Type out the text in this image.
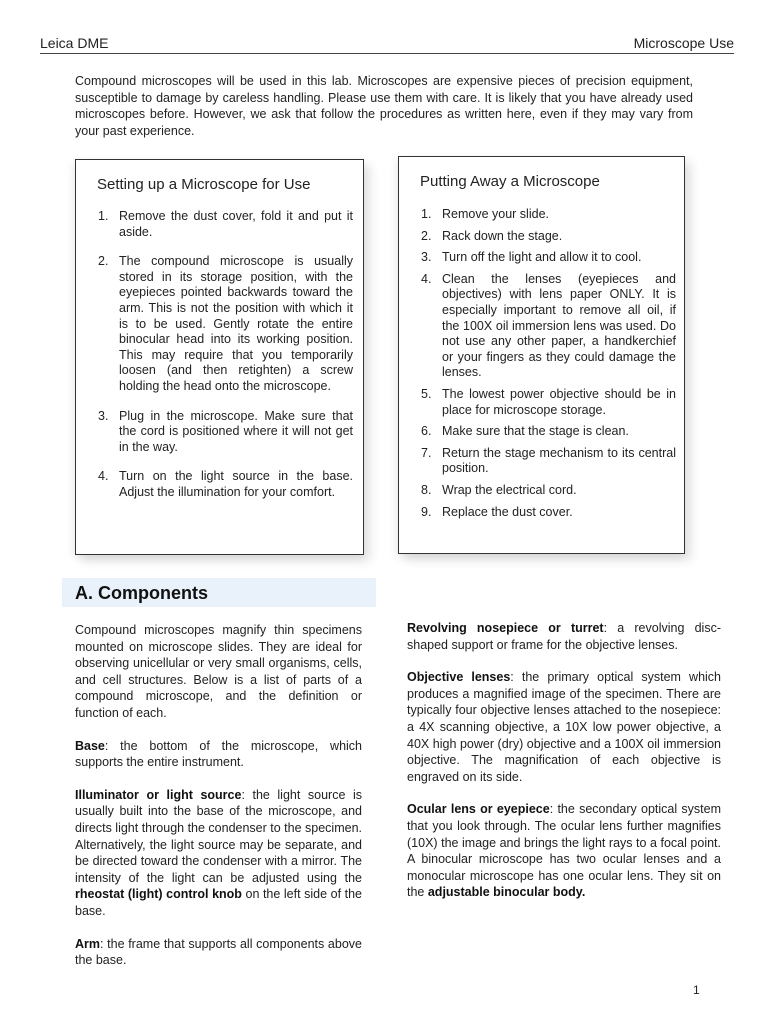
Leica DME	Microscope Use
Compound microscopes will be used in this lab. Microscopes are expensive pieces of precision equipment, susceptible to damage by careless handling. Please use them with care. It is likely that you have already used microscopes before. However, we ask that follow the procedures as written here, even if they may vary from your past experience.
Setting up a Microscope for Use
1. Remove the dust cover, fold it and put it aside.
2. The compound microscope is usually stored in its storage position, with the eyepieces pointed backwards toward the arm. This is not the position with which it is to be used. Gently rotate the entire binocular head into its working position. This may require that you temporarily loosen (and then retighten) a screw holding the head onto the microscope.
3. Plug in the microscope. Make sure that the cord is positioned where it will not get in the way.
4. Turn on the light source in the base. Adjust the illumination for your comfort.
Putting Away a Microscope
1. Remove your slide.
2. Rack down the stage.
3. Turn off the light and allow it to cool.
4. Clean the lenses (eyepieces and objectives) with lens paper ONLY. It is especially important to remove all oil, if the 100X oil immersion lens was used. Do not use any other paper, a handkerchief or your fingers as they could damage the lenses.
5. The lowest power objective should be in place for microscope storage.
6. Make sure that the stage is clean.
7. Return the stage mechanism to its central position.
8. Wrap the electrical cord.
9. Replace the dust cover.
A. Components

Compound microscopes magnify thin specimens mounted on microscope slides. They are ideal for observing unicellular or very small organisms, cells, and cell structures. Below is a list of parts of a compound microscope, and the definition or function of each.

Base: the bottom of the microscope, which supports the entire instrument.

Illuminator or light source: the light source is usually built into the base of the microscope, and directs light through the condenser to the specimen. Alternatively, the light source may be separate, and be directed toward the condenser with a mirror. The intensity of the light can be adjusted using the rheostat (light) control knob on the left side of the base.

Arm: the frame that supports all components above the base.

Revolving nosepiece or turret: a revolving disc-shaped support or frame for the objective lenses.

Objective lenses: the primary optical system which produces a magnified image of the specimen. There are typically four objective lenses attached to the nosepiece: a 4X scanning objective, a 10X low power objective, a 40X high power (dry) objective and a 100X oil immersion objective. The magnification of each objective is engraved on its side.

Ocular lens or eyepiece: the secondary optical system that you look through. The ocular lens further magnifies (10X) the image and brings the light rays to a focal point. A binocular microscope has two ocular lenses and a monocular microscope has one ocular lens. They sit on the adjustable binocular body.

1
